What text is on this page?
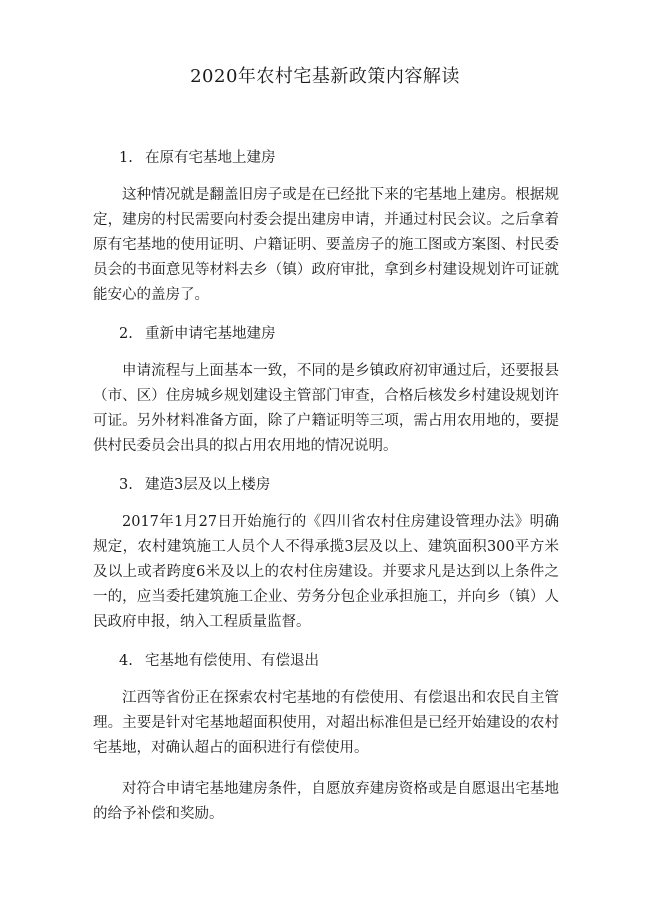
2020年农村宅基新政策内容解读

1. 在原有宅基地上建房

这种情况就是翻盖旧房子或是在已经批下来的宅基地上建房。根据规定，建房的村民需要向村委会提出建房申请，并通过村民会议。之后拿着原有宅基地的使用证明、户籍证明、要盖房子的施工图或方案图、村民委员会的书面意见等材料去乡（镇）政府审批，拿到乡村建设规划许可证就能安心的盖房了。

2. 重新申请宅基地建房

申请流程与上面基本一致，不同的是乡镇政府初审通过后，还要报县（市、区）住房城乡规划建设主管部门审查，合格后核发乡村建设规划许可证。另外材料准备方面，除了户籍证明等三项，需占用农用地的，要提供村民委员会出具的拟占用农用地的情况说明。

3. 建造3层及以上楼房

2017年1月27日开始施行的《四川省农村住房建设管理办法》明确规定，农村建筑施工人员个人不得承揽3层及以上、建筑面积300平方米及以上或者跨度6米及以上的农村住房建设。并要求凡是达到以上条件之一的，应当委托建筑施工企业、劳务分包企业承担施工，并向乡（镇）人民政府申报，纳入工程质量监督。

4. 宅基地有偿使用、有偿退出

江西等省份正在探索农村宅基地的有偿使用、有偿退出和农民自主管理。主要是针对宅基地超面积使用，对超出标准但是已经开始建设的农村宅基地，对确认超占的面积进行有偿使用。

对符合申请宅基地建房条件，自愿放弃建房资格或是自愿退出宅基地的给予补偿和奖励。
